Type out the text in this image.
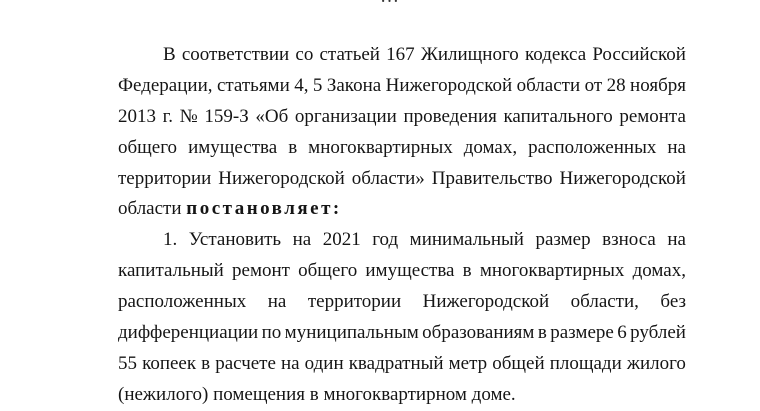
В соответствии со статьей 167 Жилищного кодекса Российской
Федерации, статьями 4, 5 Закона Нижегородской области от 28 ноября
2013 г. № 159-З «Об организации проведения капитального ремонта
общего имущества в многоквартирных домах, расположенных на
территории Нижегородской области» Правительство Нижегородской
области постановляет:
1. Установить на 2021 год минимальный размер взноса на
капитальный ремонт общего имущества в многоквартирных домах,
расположенных на территории Нижегородской области, без
дифференциации по муниципальным образованиям в размере 6 рублей
55 копеек в расчете на один квадратный метр общей площади жилого
(нежилого) помещения в многоквартирном доме.
